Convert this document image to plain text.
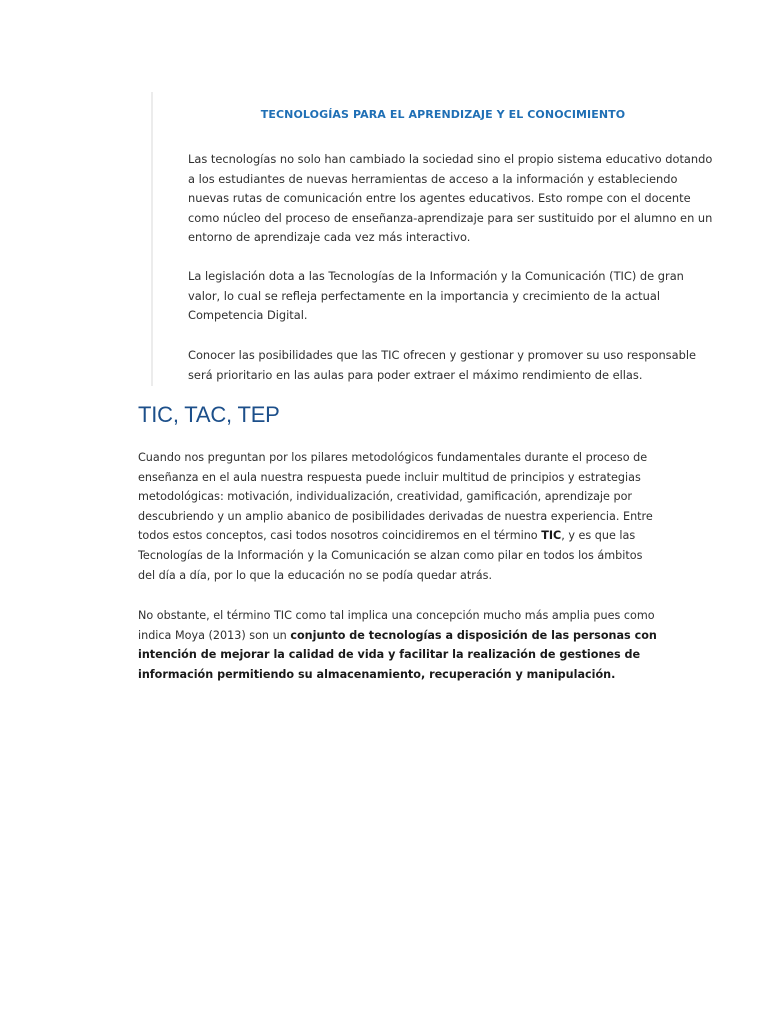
TECNOLOGÍAS PARA EL APRENDIZAJE Y EL CONOCIMIENTO

Las tecnologías no solo han cambiado la sociedad sino el propio sistema educativo dotando
a los estudiantes de nuevas herramientas de acceso a la información y estableciendo
nuevas rutas de comunicación entre los agentes educativos. Esto rompe con el docente
como núcleo del proceso de enseñanza-aprendizaje para ser sustituido por el alumno en un
entorno de aprendizaje cada vez más interactivo.

La legislación dota a las Tecnologías de la Información y la Comunicación (TIC) de gran
valor, lo cual se refleja perfectamente en la importancia y crecimiento de la actual
Competencia Digital.

Conocer las posibilidades que las TIC ofrecen y gestionar y promover su uso responsable
será prioritario en las aulas para poder extraer el máximo rendimiento de ellas.

TIC, TAC, TEP

Cuando nos preguntan por los pilares metodológicos fundamentales durante el proceso de
enseñanza en el aula nuestra respuesta puede incluir multitud de principios y estrategias
metodológicas: motivación, individualización, creatividad, gamificación, aprendizaje por
descubriendo y un amplio abanico de posibilidades derivadas de nuestra experiencia. Entre
todos estos conceptos, casi todos nosotros coincidiremos en el término TIC, y es que las
Tecnologías de la Información y la Comunicación se alzan como pilar en todos los ámbitos
del día a día, por lo que la educación no se podía quedar atrás.

No obstante, el término TIC como tal implica una concepción mucho más amplia pues como
indica Moya (2013) son un conjunto de tecnologías a disposición de las personas con
intención de mejorar la calidad de vida y facilitar la realización de gestiones de
información permitiendo su almacenamiento, recuperación y manipulación.
